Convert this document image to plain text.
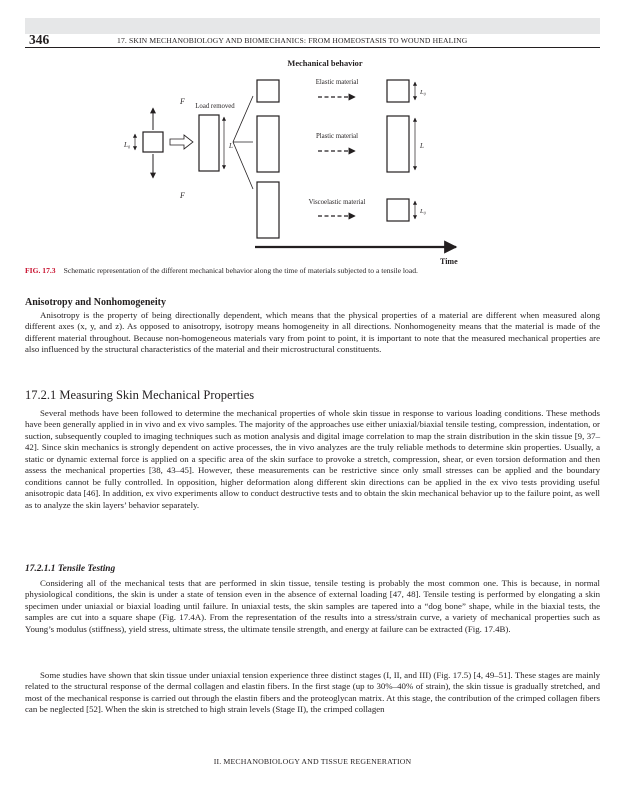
346	17. SKIN MECHANOBIOLOGY AND BIOMECHANICS: FROM HOMEOSTASIS TO WOUND HEALING
Mechanical behavior
F
F
L₀
Load removed
L
Elastic material
L₀
Plastic material
L
Viscoelastic material
L₀
Time
FIG. 17.3 Schematic representation of the different mechanical behavior along the time of materials subjected to a tensile load.

Anisotropy and Nonhomogeneity

Anisotropy is the property of being directionally dependent, which means that the physical properties of a material are different when measured along different axes (x, y, and z). As opposed to anisotropy, isotropy means homogeneity in all directions. Nonhomogeneity means that the material is made of the different material throughout. Because non-homogeneous materials vary from point to point, it is important to note that the measured mechanical properties are also influenced by the structural characteristics of the material and their microstructural constituents.

17.2.1 Measuring Skin Mechanical Properties

Several methods have been followed to determine the mechanical properties of whole skin tissue in response to various loading conditions. These methods have been generally applied in in vivo and ex vivo samples. The majority of the approaches use either uniaxial/biaxial tensile testing, compression, indentation, or suction, subsequently coupled to imaging techniques such as motion analysis and digital image correlation to map the strain distribution in the skin tissue [9, 37–42]. Since skin mechanics is strongly dependent on active processes, the in vivo analyzes are the truly reliable methods to determine skin properties. Usually, a static or dynamic external force is applied on a specific area of the skin surface to provoke a stretch, compression, shear, or even torsion deformation and then assess the mechanical properties [38, 43–45]. However, these measurements can be restrictive since only small stresses can be applied and the boundary conditions cannot be fully controlled. In opposition, higher deformation along different skin directions can be applied in the ex vivo tests providing useful anisotropic data [46]. In addition, ex vivo experiments allow to conduct destructive tests and to obtain the skin mechanical behavior up to the failure point, as well as to analyze the skin layers’ behavior separately.

17.2.1.1 Tensile Testing

Considering all of the mechanical tests that are performed in skin tissue, tensile testing is probably the most common one. This is because, in normal physiological conditions, the skin is under a state of tension even in the absence of external loading [47, 48]. Tensile testing is performed by elongating a skin specimen under uniaxial or biaxial loading until failure. In uniaxial tests, the skin samples are tapered into a “dog bone” shape, while in the biaxial tests, the samples are cut into a square shape (Fig. 17.4A). From the representation of the results into a stress/strain curve, a variety of mechanical properties such as Young’s modulus (stiffness), yield stress, ultimate stress, the ultimate tensile strength, and energy at failure can be extracted (Fig. 17.4B).

Some studies have shown that skin tissue under uniaxial tension experience three distinct stages (I, II, and III) (Fig. 17.5) [4, 49–51]. These stages are mainly related to the structural response of the dermal collagen and elastin fibers. In the first stage (up to 30%–40% of strain), the skin tissue is gradually stretched, and most of the mechanical response is carried out through the elastin fibers and the proteoglycan matrix. At this stage, the contribution of the crimped collagen fibers can be neglected [52]. When the skin is stretched to high strain levels (Stage II), the crimped collagen

II. MECHANOBIOLOGY AND TISSUE REGENERATION
